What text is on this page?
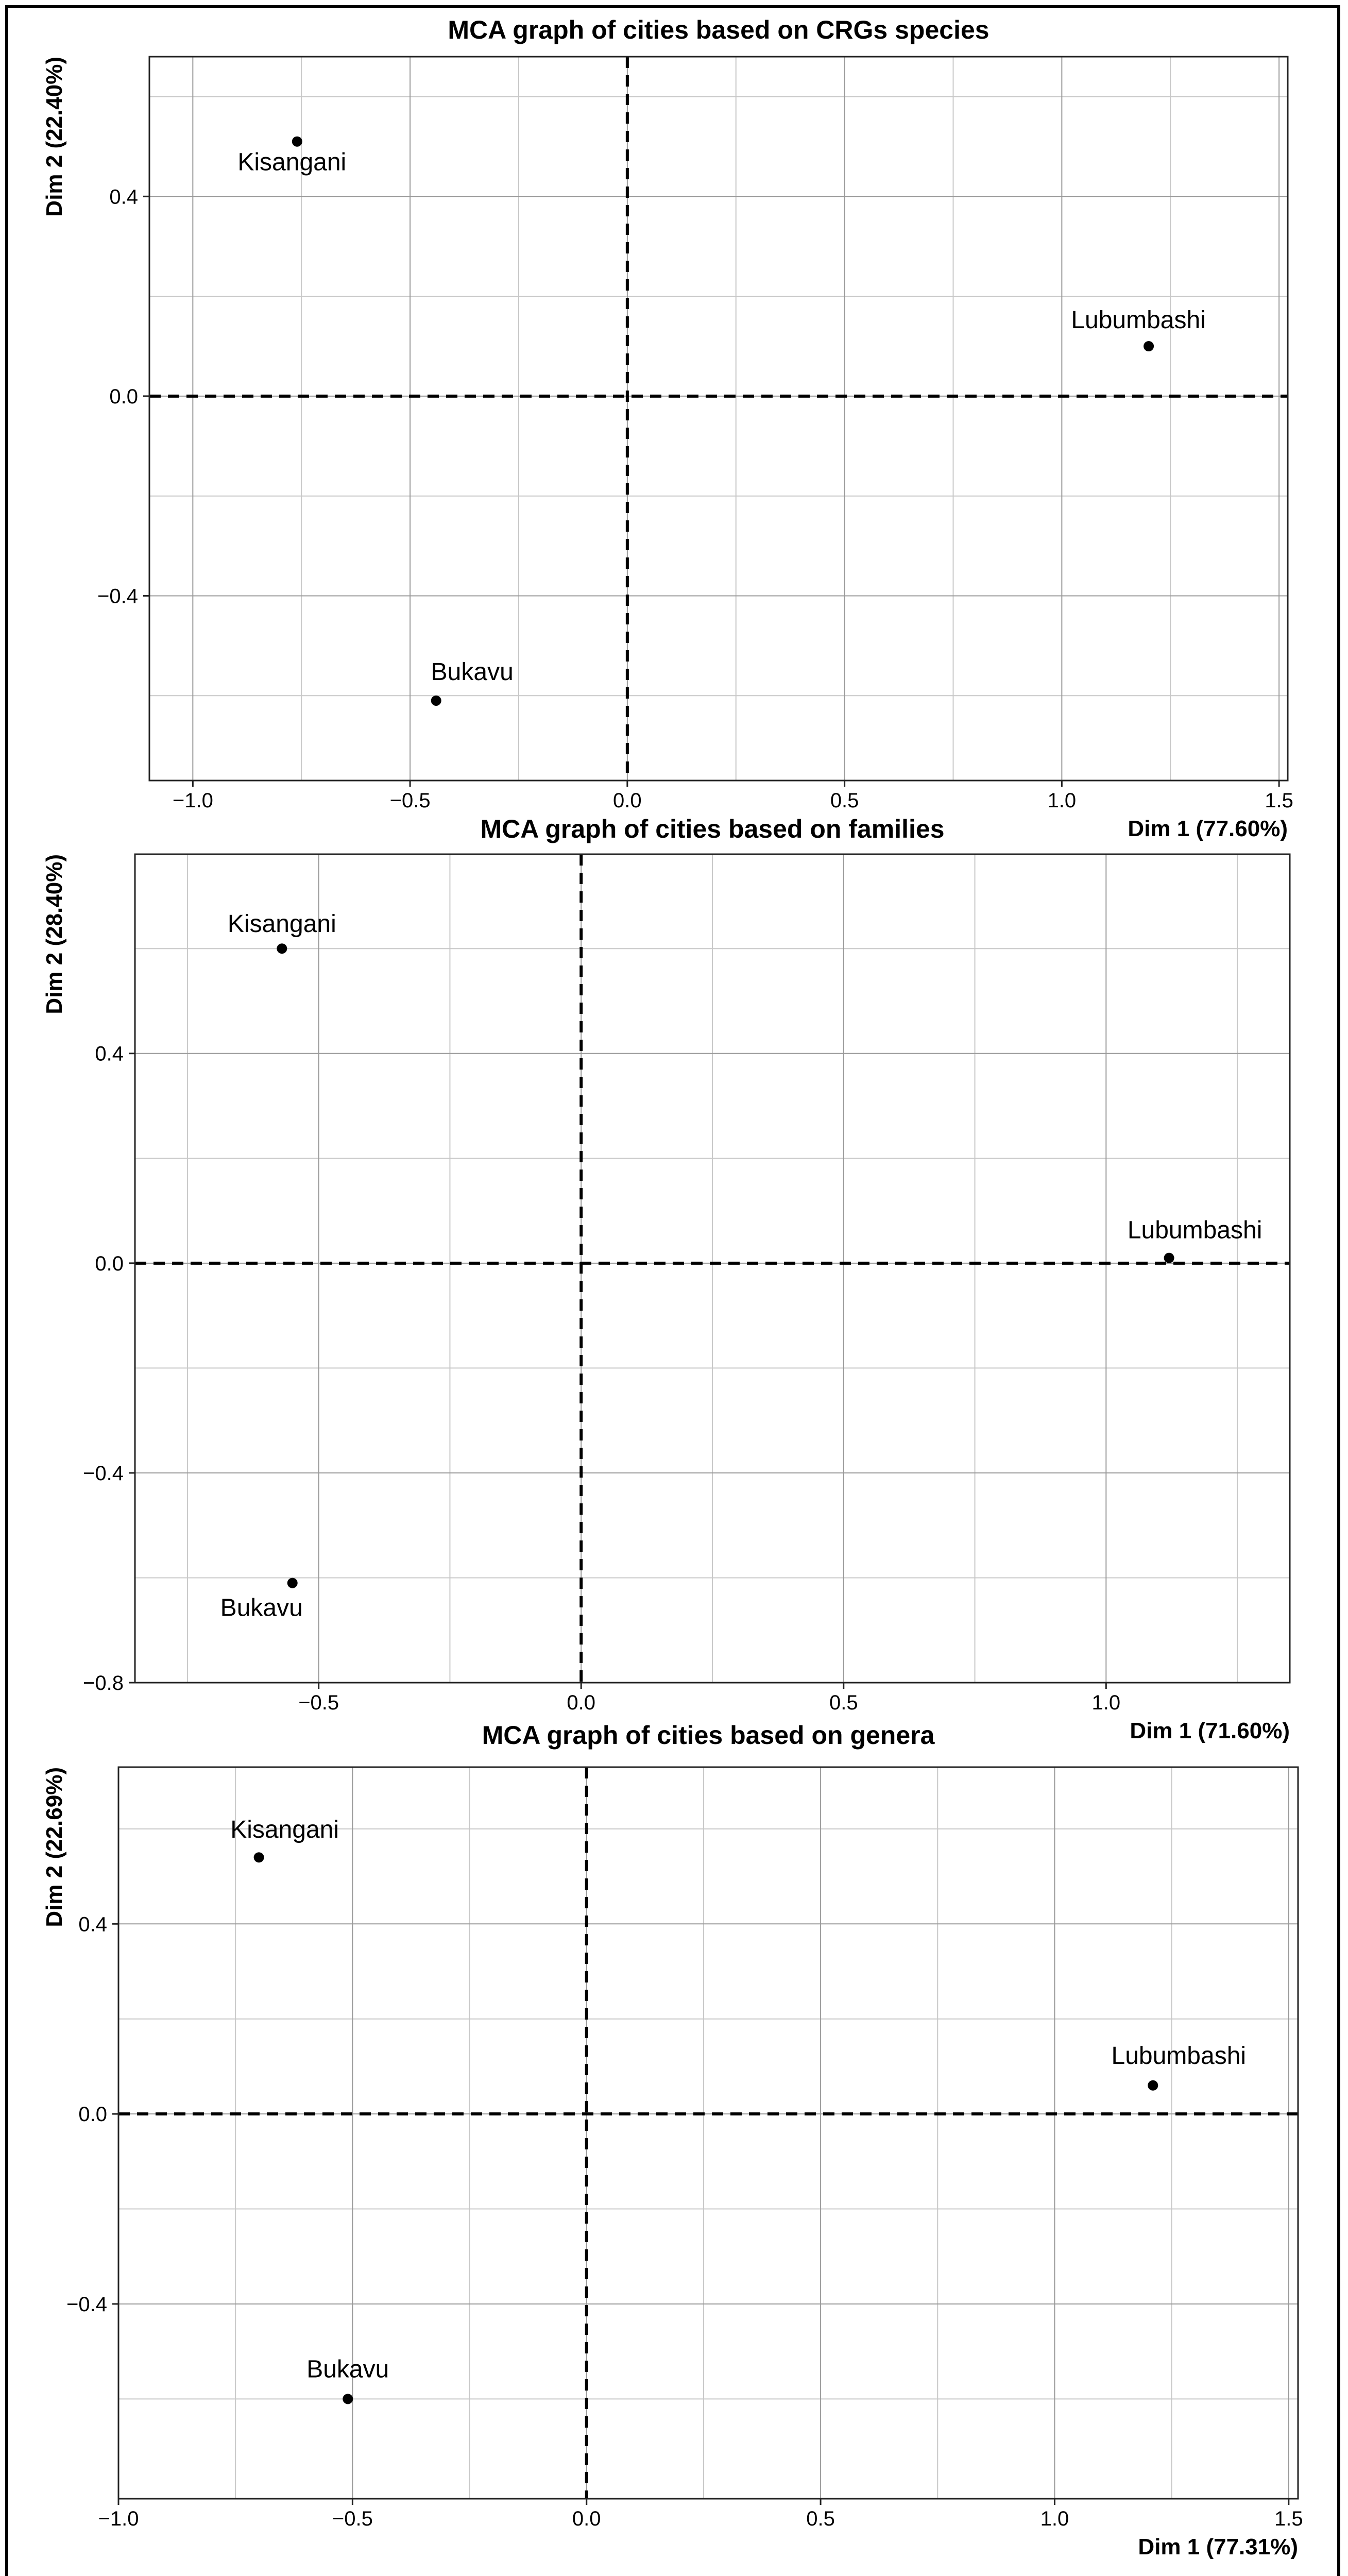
MCA graph of cities based on CRGs species
−1.0	−0.5	0.0	0.5	1.0	1.5
−0.4
0.0
0.4
Dim 1 (77.60%)
Dim 2 (22.40%)	Kisangani
Lubumbashi
Bukavu
MCA graph of cities based on families
−0.5	0.0	0.5	1.0
−0.8
−0.4
0.0
0.4
Dim 1 (71.60%)
Dim 2 (28.40%)	Kisangani
Lubumbashi
Bukavu
MCA graph of cities based on genera
−1.0	−0.5	0.0	0.5	1.0	1.5
−0.4
0.0
0.4
Dim 1 (77.31%)
Dim 2 (22.69%)	Kisangani
Lubumbashi
Bukavu
